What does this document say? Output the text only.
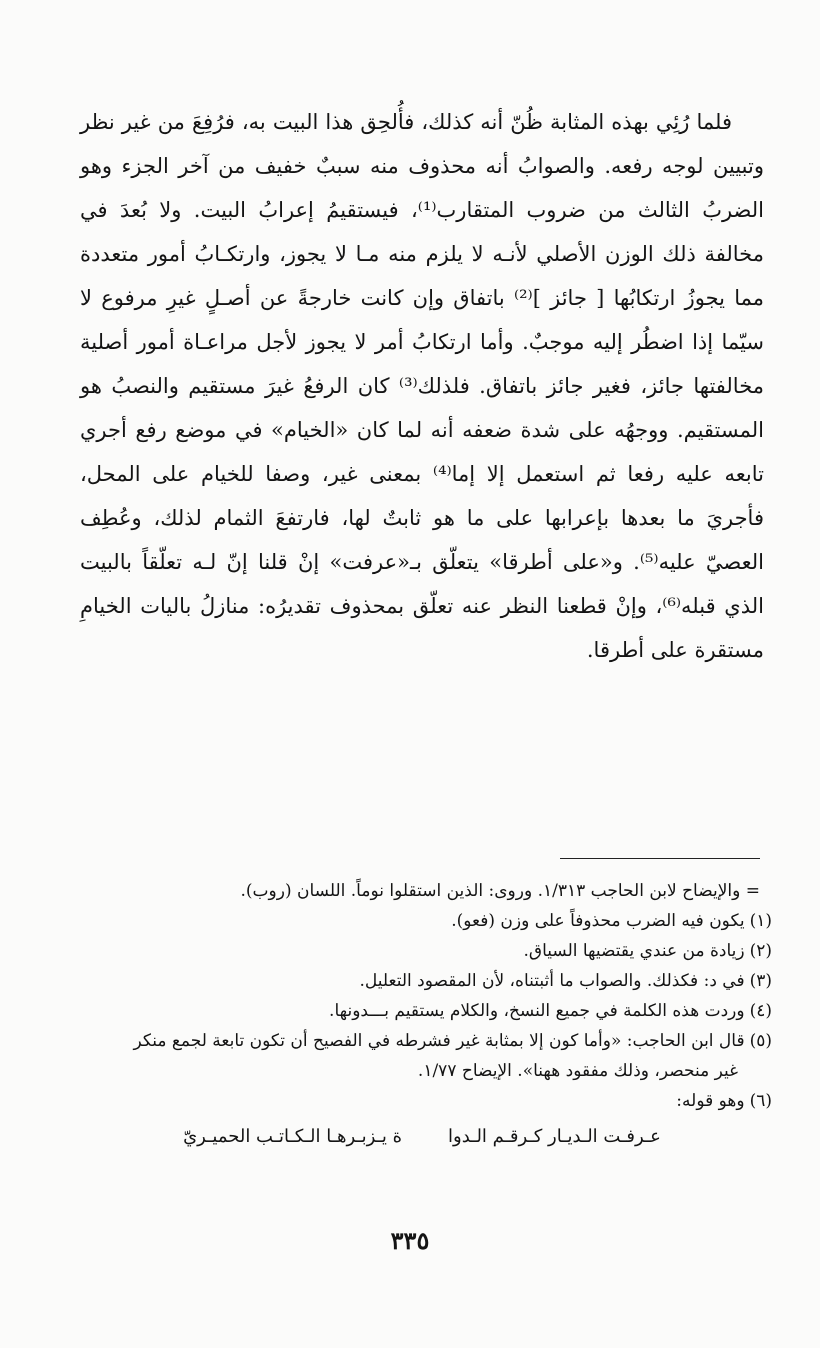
فلما رُئِي بهذه المثابة ظُنّ أنه كذلك، فأُلحِق هذا البيت به، فرُفِعَ من غير نظر وتبيين لوجه رفعه. والصوابُ أنه محذوف منه سببٌ خفيف من آخر الجزء وهو الضربُ الثالث من ضروب المتقارب⁽¹⁾، فيستقيمُ إعرابُ البيت. ولا بُعدَ في مخالفة ذلك الوزن الأصلي لأنـه لا يلزم منه مـا لا يجوز، وارتكـابُ أمور متعددة مما يجوزُ ارتكابُها [ جائز ]⁽²⁾ باتفاق وإن كانت خارجةً عن أصـلٍ غيرِ مرفوع لا سيّما إذا اضطُر إليه موجبٌ. وأما ارتكابُ أمر لا يجوز لأجل مراعـاة أمور أصلية مخالفتها جائز، فغير جائز باتفاق. فلذلك⁽³⁾ كان الرفعُ غيرَ مستقيم والنصبُ هو المستقيم. ووجهُه على شدة ضعفه أنه لما كان «الخيام» في موضع رفع أجري تابعه عليه رفعا ثم استعمل إلا إما⁽⁴⁾ بمعنى غير، وصفا للخيام على المحل، فأجريَ ما بعدها بإعرابها على ما هو ثابتٌ لها، فارتفعَ الثمام لذلك، وعُطِف العصيّ عليه⁽⁵⁾. و«على أطرقا» يتعلّق بـ«عرفت» إنْ قلنا إنّ لـه تعلّقاً بالبيت الذي قبله⁽⁶⁾، وإنْ قطعنا النظر عنه تعلّق بمحذوف تقديرُه: منازلُ باليات الخيامِ مستقرة على أطرقا.

= والإيضاح لابن الحاجب ١/٣١٣. وروى: الذين استقلوا نوماً. اللسان (روب).

(١) يكون فيه الضرب محذوفاً على وزن (فعو).

(٢) زيادة من عندي يقتضيها السياق.

(٣) في د: فكذلك. والصواب ما أثبتناه، لأن المقصود التعليل.

(٤) وردت هذه الكلمة في جميع النسخ، والكلام يستقيم بـــدونها.

(٥) قال ابن الحاجب: «وأما كون إلا بمثابة غير فشرطه في الفصيح أن تكون تابعة لجمع منكر

غير منحصر، وذلك مفقود ههنا». الإيضاح ١/٧٧.

(٦) وهو قوله:

عـرفـت الـديـار كـرقـم الـدوا
ة يـزبـرهـا الـكـاتـب الحميـريّ
٣٣٥
